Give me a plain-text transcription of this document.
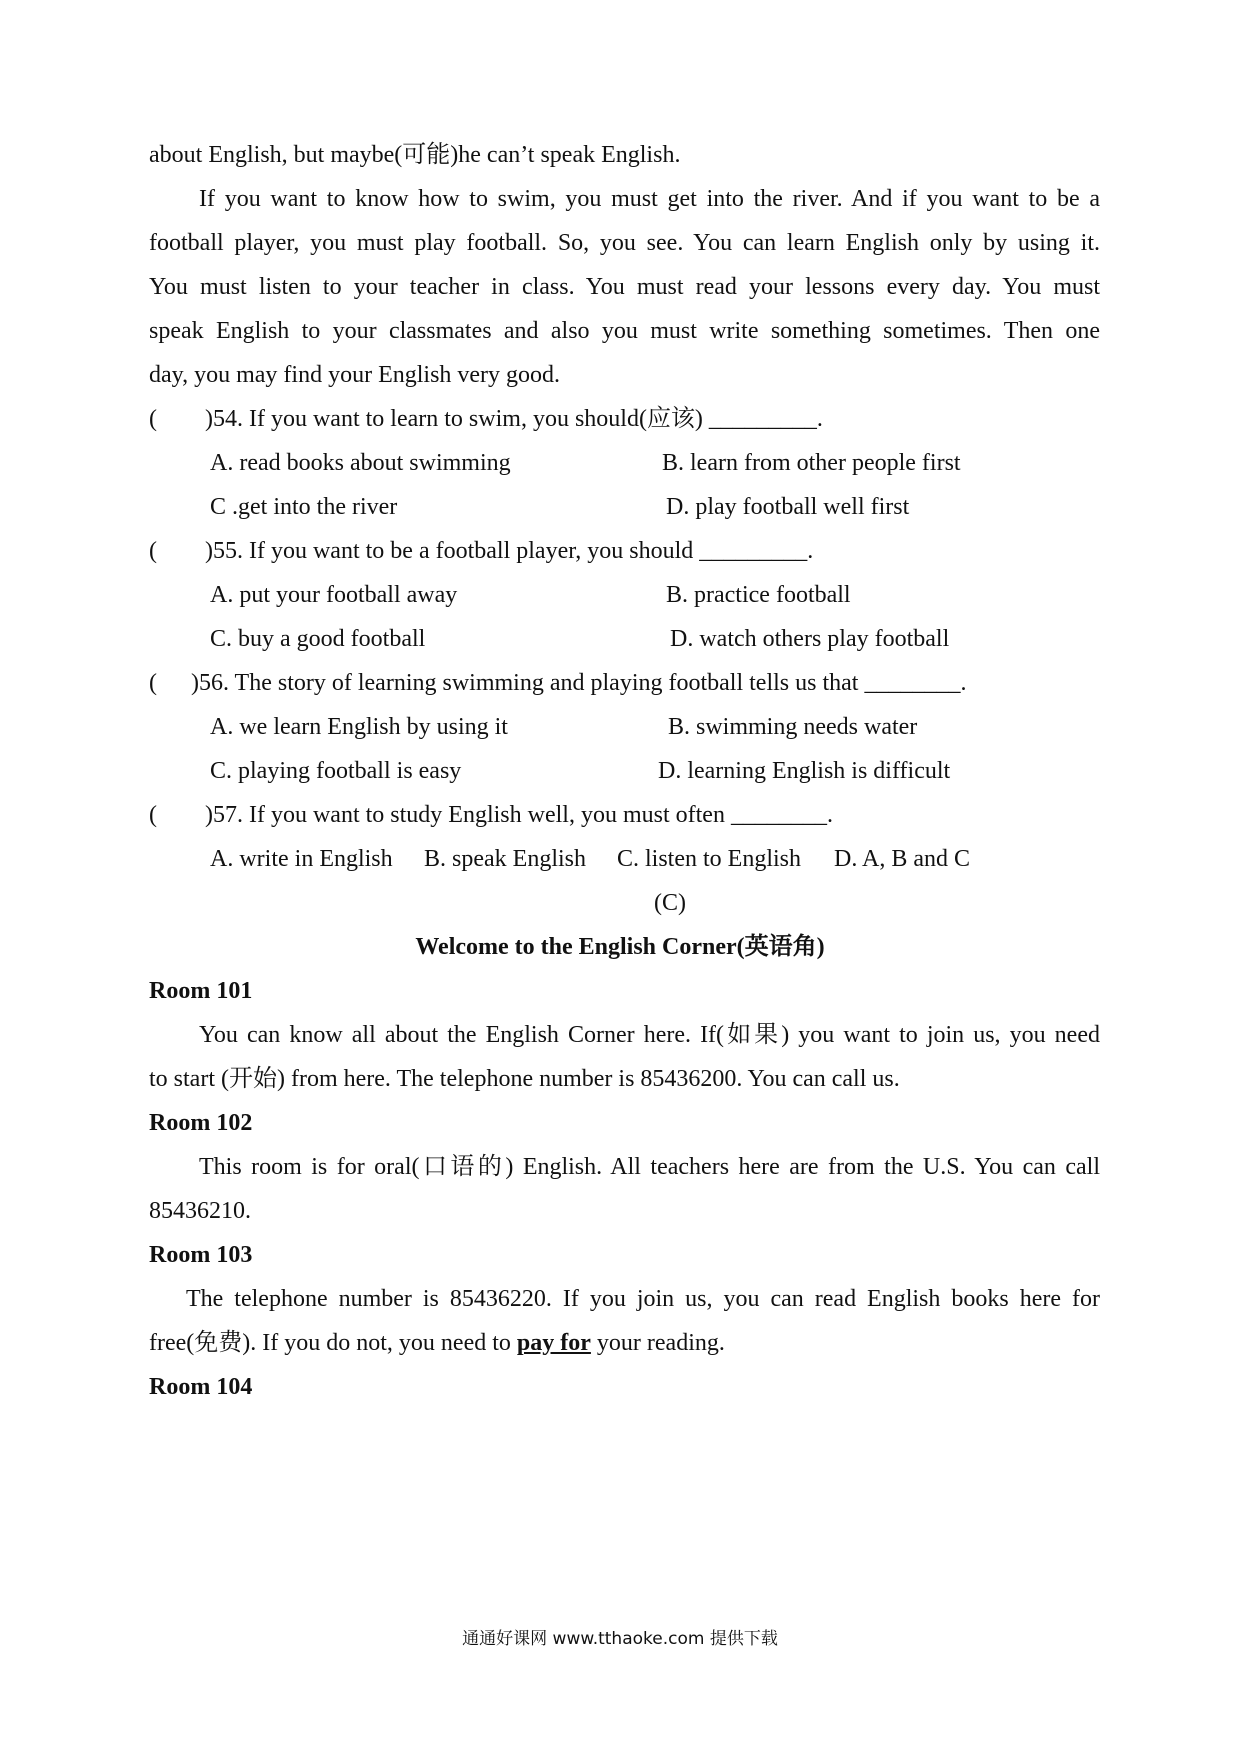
about English, but maybe(可能)he can’t speak English.
If you want to know how to swim, you must get into the river. And if you want to be a
football player, you must play football. So, you see. You can learn English only by using it.
You must listen to your teacher in class. You must read your lessons every day. You must
speak English to your classmates and also you must write something sometimes. Then one
day, you may find your English very good.
( )54. If you want to learn to swim, you should(应该) _________.
A. read books about swimming	B. learn from other people first
C .get into the river	D. play football well first
( )55. If you want to be a football player, you should _________.
A. put your football away	B. practice football
C. buy a good football	D. watch others play football
( )56. The story of learning swimming and playing football tells us that ________.
A. we learn English by using it	B. swimming needs water
C. playing football is easy	D. learning English is difficult
( )57. If you want to study English well, you must often ________.
A. write in English B. speak English C. listen to English D. A, B and C
(C)
Welcome to the English Corner(英语角)
Room 101
You can know all about the English Corner here. If(如果) you want to join us, you need
to start (开始) from here. The telephone number is 85436200. You can call us.
Room 102
This room is for oral(口语的) English. All teachers here are from the U.S. You can call
85436210.
Room 103
The telephone number is 85436220. If you join us, you can read English books here for
free(免费). If you do not, you need to pay for your reading.
Room 104
通通好课网 www.tthaoke.com 提供下载
